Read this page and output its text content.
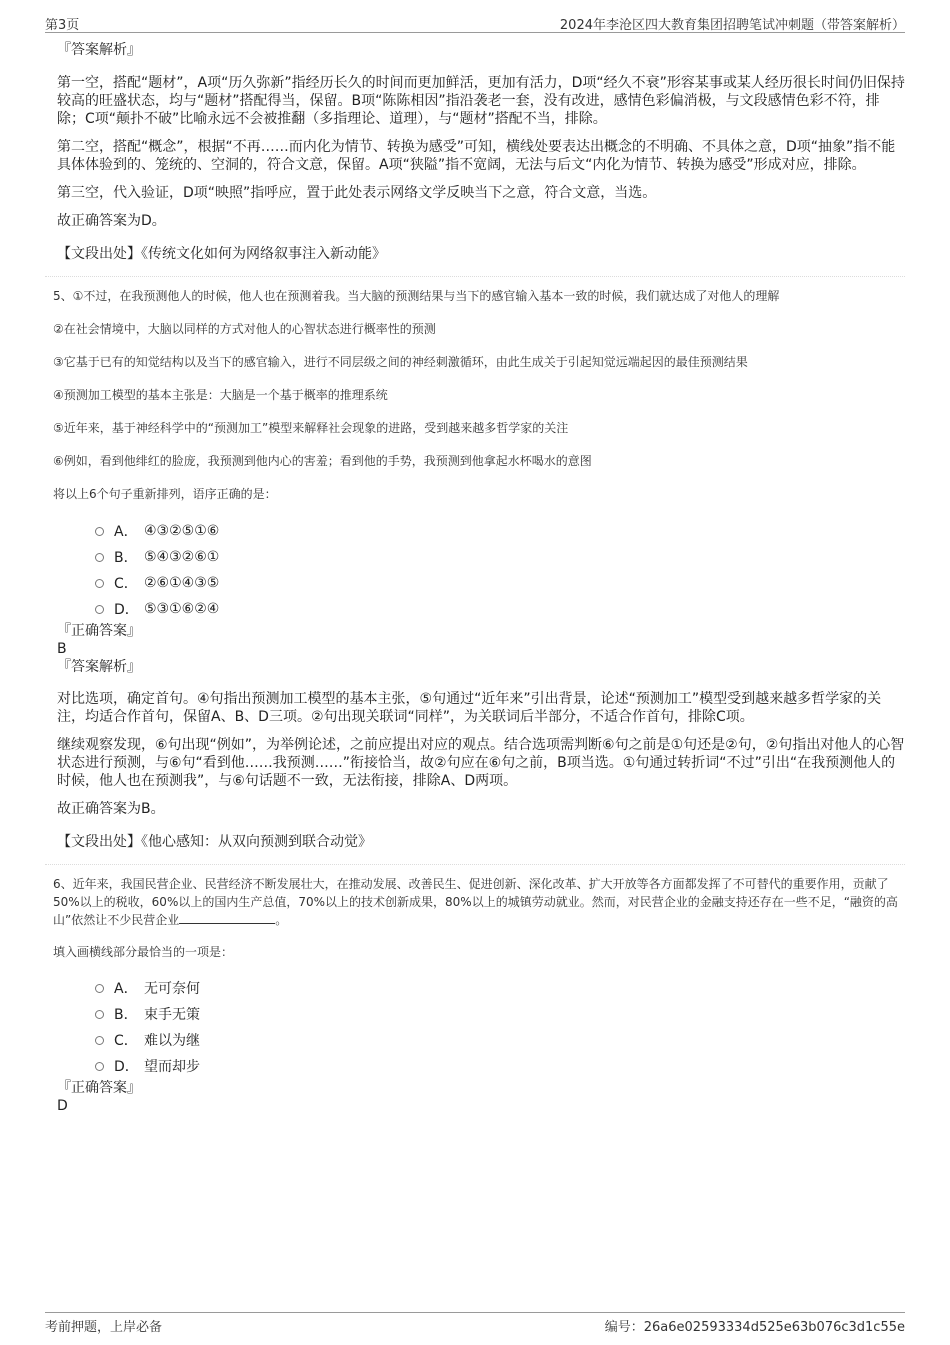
第3页	2024年李沧区四大教育集团招聘笔试冲刺题（带答案解析）
『答案解析』

第一空，搭配“题材”，A项“历久弥新”指经历长久的时间而更加鲜活，更加有活力，D项“经久不衰”形容某事或某人经历很长时间仍旧保持较高的旺盛状态，均与“题材”搭配得当，保留。B项“陈陈相因”指沿袭老一套，没有改进，感情色彩偏消极，与文段感情色彩不符，排除；C项“颠扑不破”比喻永远不会被推翻（多指理论、道理），与“题材”搭配不当，排除。

第二空，搭配“概念”，根据“不再……而内化为情节、转换为感受”可知，横线处要表达出概念的不明确、不具体之意，D项“抽象”指不能具体体验到的、笼统的、空洞的，符合文意，保留。A项“狭隘”指不宽阔，无法与后文“内化为情节、转换为感受”形成对应，排除。

第三空，代入验证，D项“映照”指呼应，置于此处表示网络文学反映当下之意，符合文意，当选。

故正确答案为D。

【文段出处】《传统文化如何为网络叙事注入新动能》

5、①不过，在我预测他人的时候，他人也在预测着我。当大脑的预测结果与当下的感官输入基本一致的时候，我们就达成了对他人的理解

②在社会情境中，大脑以同样的方式对他人的心智状态进行概率性的预测

③它基于已有的知觉结构以及当下的感官输入，进行不同层级之间的神经刺激循环，由此生成关于引起知觉远端起因的最佳预测结果

④预测加工模型的基本主张是：大脑是一个基于概率的推理系统

⑤近年来，基于神经科学中的“预测加工”模型来解释社会现象的进路，受到越来越多哲学家的关注

⑥例如，看到他绯红的脸庞，我预测到他内心的害羞；看到他的手势，我预测到他拿起水杯喝水的意图

将以上6个句子重新排列，语序正确的是：

A． ④③②⑤①⑥
B． ⑤④③②⑥①
C． ②⑥①④③⑤
D． ⑤③①⑥②④
『正确答案』
B
『答案解析』

对比选项，确定首句。④句指出预测加工模型的基本主张，⑤句通过“近年来”引出背景，论述“预测加工”模型受到越来越多哲学家的关注，均适合作首句，保留A、B、D三项。②句出现关联词“同样”，为关联词后半部分，不适合作首句，排除C项。

继续观察发现，⑥句出现“例如”，为举例论述，之前应提出对应的观点。结合选项需判断⑥句之前是①句还是②句，②句指出对他人的心智状态进行预测，与⑥句“看到他……我预测……”衔接恰当，故②句应在⑥句之前，B项当选。①句通过转折词“不过”引出“在我预测他人的时候，他人也在预测我”，与⑥句话题不一致，无法衔接，排除A、D两项。

故正确答案为B。

【文段出处】《他心感知：从双向预测到联合动觉》

6、近年来，我国民营企业、民营经济不断发展壮大，在推动发展、改善民生、促进创新、深化改革、扩大开放等各方面都发挥了不可替代的重要作用，贡献了50%以上的税收，60%以上的国内生产总值，70%以上的技术创新成果，80%以上的城镇劳动就业。然而，对民营企业的金融支持还存在一些不足，“融资的高山”依然让不少民营企业	。

填入画横线部分最恰当的一项是：

A． 无可奈何
B． 束手无策
C． 难以为继
D． 望而却步
『正确答案』
D
考前押题，上岸必备	编号：26a6e02593334d525e63b076c3d1c55e
